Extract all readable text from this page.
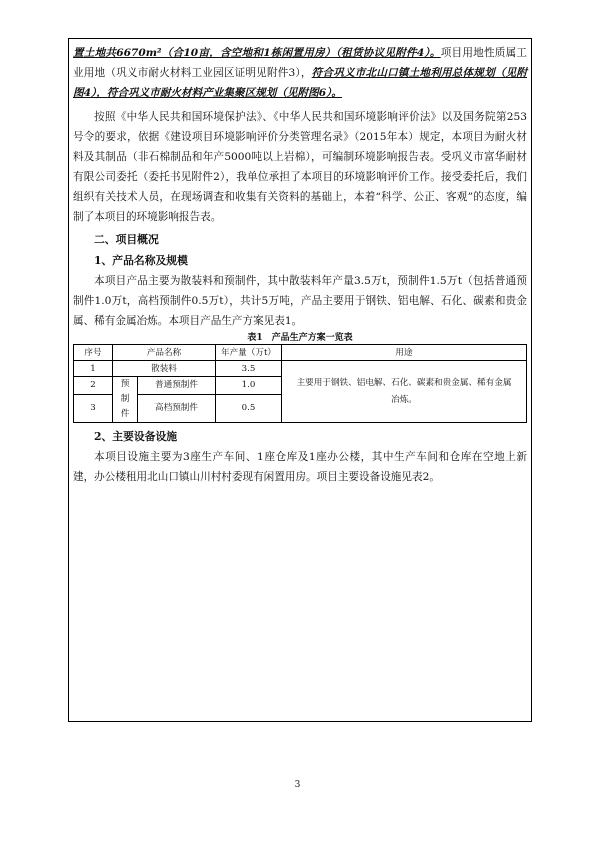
置土地共6670m²（合10亩，含空地和1栋闲置用房）（租赁协议见附件4）。项目用地性质属工业用地（巩义市耐火材料工业园区证明见附件3），符合巩义市北山口镇土地利用总体规划（见附图4），符合巩义市耐火材料产业集聚区规划（见附图6）。

按照《中华人民共和国环境保护法》、《中华人民共和国环境影响评价法》以及国务院第253号令的要求，依据《建设项目环境影响评价分类管理名录》（2015年本）规定，本项目为耐火材料及其制品（非石棉制品和年产5000吨以上岩棉），可编制环境影响报告表。受巩义市富华耐材有限公司委托（委托书见附件2），我单位承担了本项目的环境影响评价工作。接受委托后，我们组织有关技术人员，在现场调查和收集有关资料的基础上，本着“科学、公正、客观”的态度，编制了本项目的环境影响报告表。

二、项目概况

1、产品名称及规模

本项目产品主要为散装料和预制件，其中散装料年产量3.5万t，预制件1.5万t（包括普通预制件1.0万t，高档预制件0.5万t），共计5万吨，产品主要用于钢铁、铝电解、石化、碳素和贵金属、稀有金属冶炼。本项目产品生产方案见表1。

表1　产品生产方案一览表
序号	产品名称		年产量（万t）	用途
1	散装料		3.5	主要用于钢铁、铝电解、石化、碳素和贵金属、稀有金属冶炼。
2	预制件	普通预制件	1.0	
3		高档预制件	0.5	

2、主要设备设施

本项目设施主要为3座生产车间、1座仓库及1座办公楼，其中生产车间和仓库在空地上新建，办公楼租用北山口镇山川村村委现有闲置用房。项目主要设备设施见表2。

3
